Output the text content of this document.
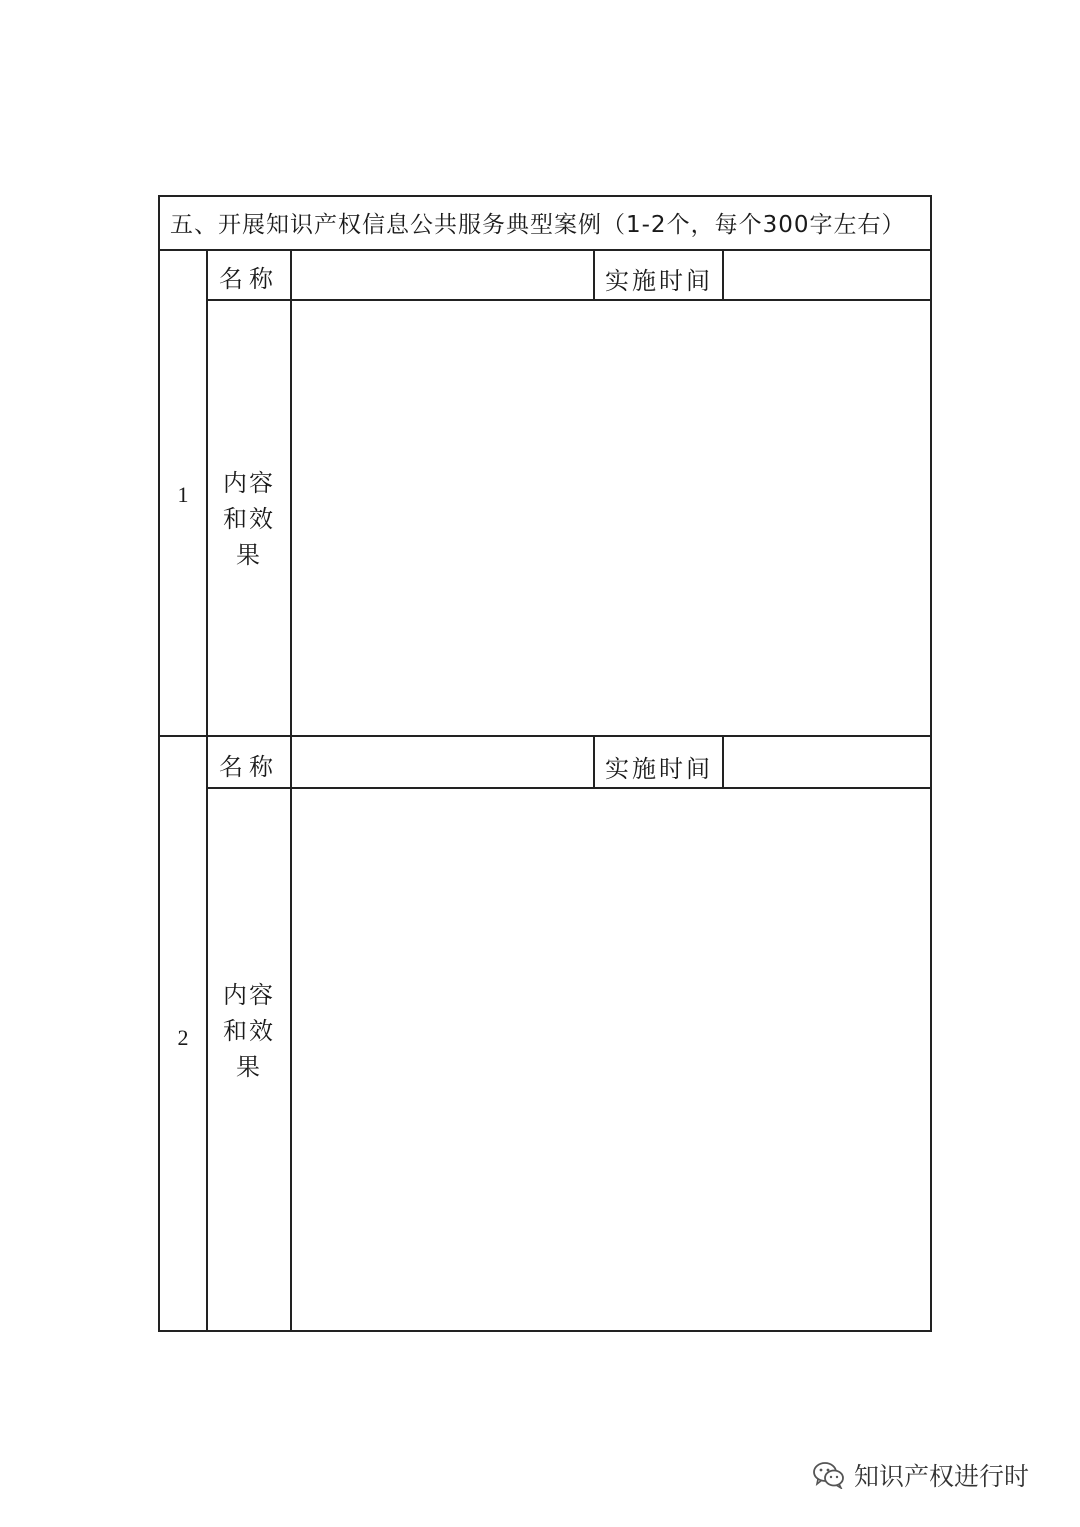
五、开展知识产权信息公共服务典型案例（1-2个，每个300字左右）
1
名称	实施时间
内容
和效
果
2
名称	实施时间
内容
和效
果
知识产权进行时
